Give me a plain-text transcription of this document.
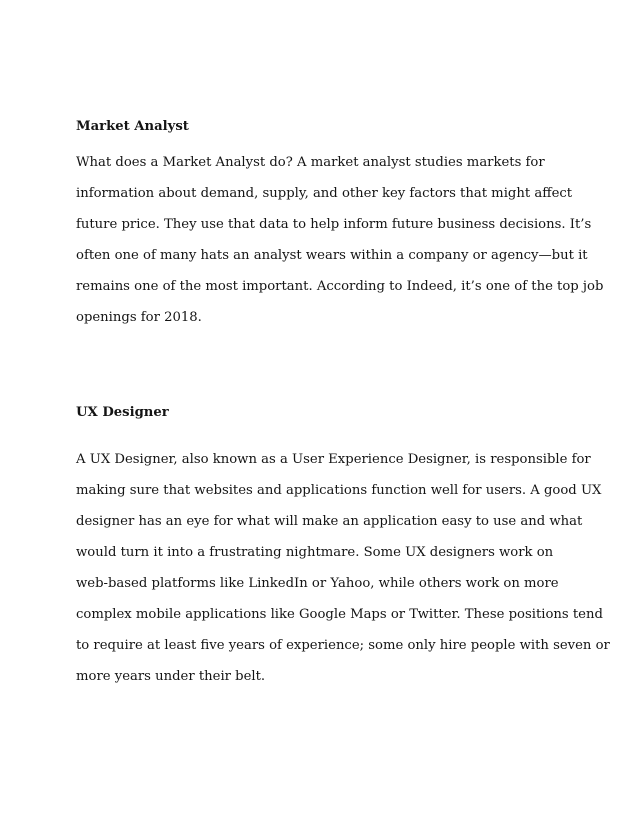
Market Analyst
What does a Market Analyst do? A market analyst studies markets for
information about demand, supply, and other key factors that might affect
future price. They use that data to help inform future business decisions. It’s
often one of many hats an analyst wears within a company or agency—but it
remains one of the most important. According to Indeed, it’s one of the top job
openings for 2018.
UX Designer
A UX Designer, also known as a User Experience Designer, is responsible for
making sure that websites and applications function well for users. A good UX
designer has an eye for what will make an application easy to use and what
would turn it into a frustrating nightmare. Some UX designers work on
web-based platforms like LinkedIn or Yahoo, while others work on more
complex mobile applications like Google Maps or Twitter. These positions tend
to require at least five years of experience; some only hire people with seven or
more years under their belt.
